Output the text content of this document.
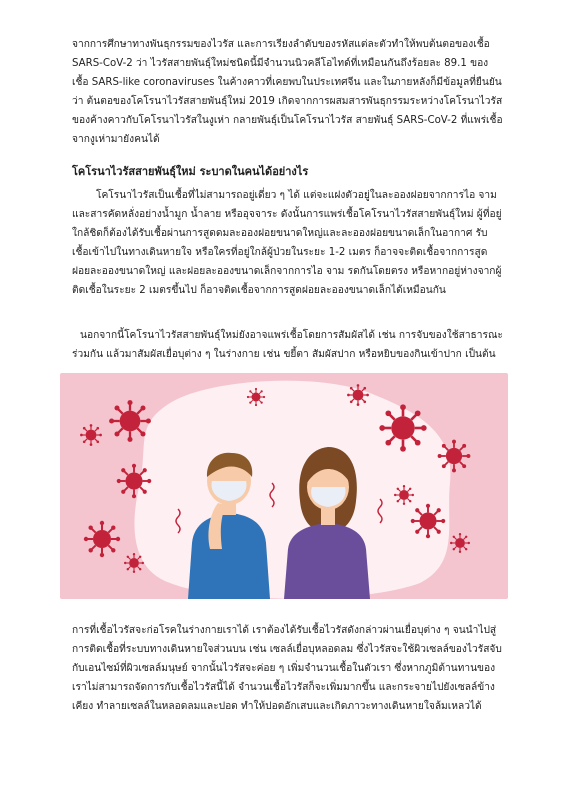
จากการศึกษาทางพันธุกรรมของไวรัส และการเรียงลำดับของรหัสแต่ละตัวทำให้พบต้นตอของเชื้อ SARS-CoV-2 ว่า ไวรัสสายพันธุ์ใหม่ชนิดนี้มีจำนวนนิวคลีโอไทด์ที่เหมือนกันถึงร้อยละ 89.1 ของเชื้อ SARS-like coronaviruses ในค้างคาวที่เคยพบในประเทศจีน และในภายหลังก็มีข้อมูลที่ยืนยันว่า ต้นตอของโคโรนาไวรัสสายพันธุ์ใหม่ 2019 เกิดจากการผสมสารพันธุกรรมระหว่างโคโรนาไวรัสของค้างคาวกับโคโรนาไวรัสในงูเห่า กลายพันธุ์เป็นโคโรนาไวรัส สายพันธุ์ SARS-CoV-2 ที่แพร่เชื้อจากงูเห่ามายังคนได้

โคโรนาไวรัสสายพันธุ์ใหม่ ระบาดในคนได้อย่างไร

โคโรนาไวรัสเป็นเชื้อที่ไม่สามารถอยู่เดี่ยว ๆ ได้ แต่จะแฝงตัวอยู่ในละอองฝอยจากการไอ จาม และสารคัดหลั่งอย่างน้ำมูก น้ำลาย หรืออุจจาระ ดังนั้นการแพร่เชื้อโคโรนาไวรัสสายพันธุ์ใหม่ ผู้ที่อยู่ใกล้ชิดก็ต้องได้รับเชื้อผ่านการสูดดมละอองฝอยขนาดใหญ่และละอองฝอยขนาดเล็กในอากาศ รับเชื้อเข้าไปในทางเดินหายใจ หรือใครที่อยู่ใกล้ผู้ป่วยในระยะ 1-2 เมตร ก็อาจจะติดเชื้อจากการสูดฝอยละอองขนาดใหญ่ และฝอยละอองขนาดเล็กจากการไอ จาม รดกันโดยตรง หรือหากอยู่ห่างจากผู้ติดเชื้อในระยะ 2 เมตรขึ้นไป ก็อาจติดเชื้อจากการสูดฝอยละอองขนาดเล็กได้เหมือนกัน

นอกจากนี้โคโรนาไวรัสสายพันธุ์ใหม่ยังอาจแพร่เชื้อโดยการสัมผัสได้ เช่น การจับของใช้สาธารณะร่วมกัน แล้วมาสัมผัสเยื่อบุต่าง ๆ ในร่างกาย เช่น ขยี้ตา สัมผัสปาก หรือหยิบของกินเข้าปาก เป็นต้น

การที่เชื้อไวรัสจะก่อโรคในร่างกายเราได้ เราต้องได้รับเชื้อไวรัสดังกล่าวผ่านเยื่อบุต่าง ๆ จนนำไปสู่การติดเชื้อที่ระบบทางเดินหายใจส่วนบน เช่น เซลล์เยื่อบุหลอดลม ซึ่งไวรัสจะใช้ผิวเซลล์ของไวรัสจับกับเอนไซม์ที่ผิวเซลล์มนุษย์ จากนั้นไวรัสจะค่อย ๆ เพิ่มจำนวนเชื้อในตัวเรา ซึ่งหากภูมิต้านทานของเราไม่สามารถจัดการกับเชื้อไวรัสนี้ได้ จำนวนเชื้อไวรัสก็จะเพิ่มมากขึ้น และกระจายไปยังเซลล์ข้างเคียง ทำลายเซลล์ในหลอดลมและปอด ทำให้ปอดอักเสบและเกิดภาวะทางเดินหายใจล้มเหลวได้
